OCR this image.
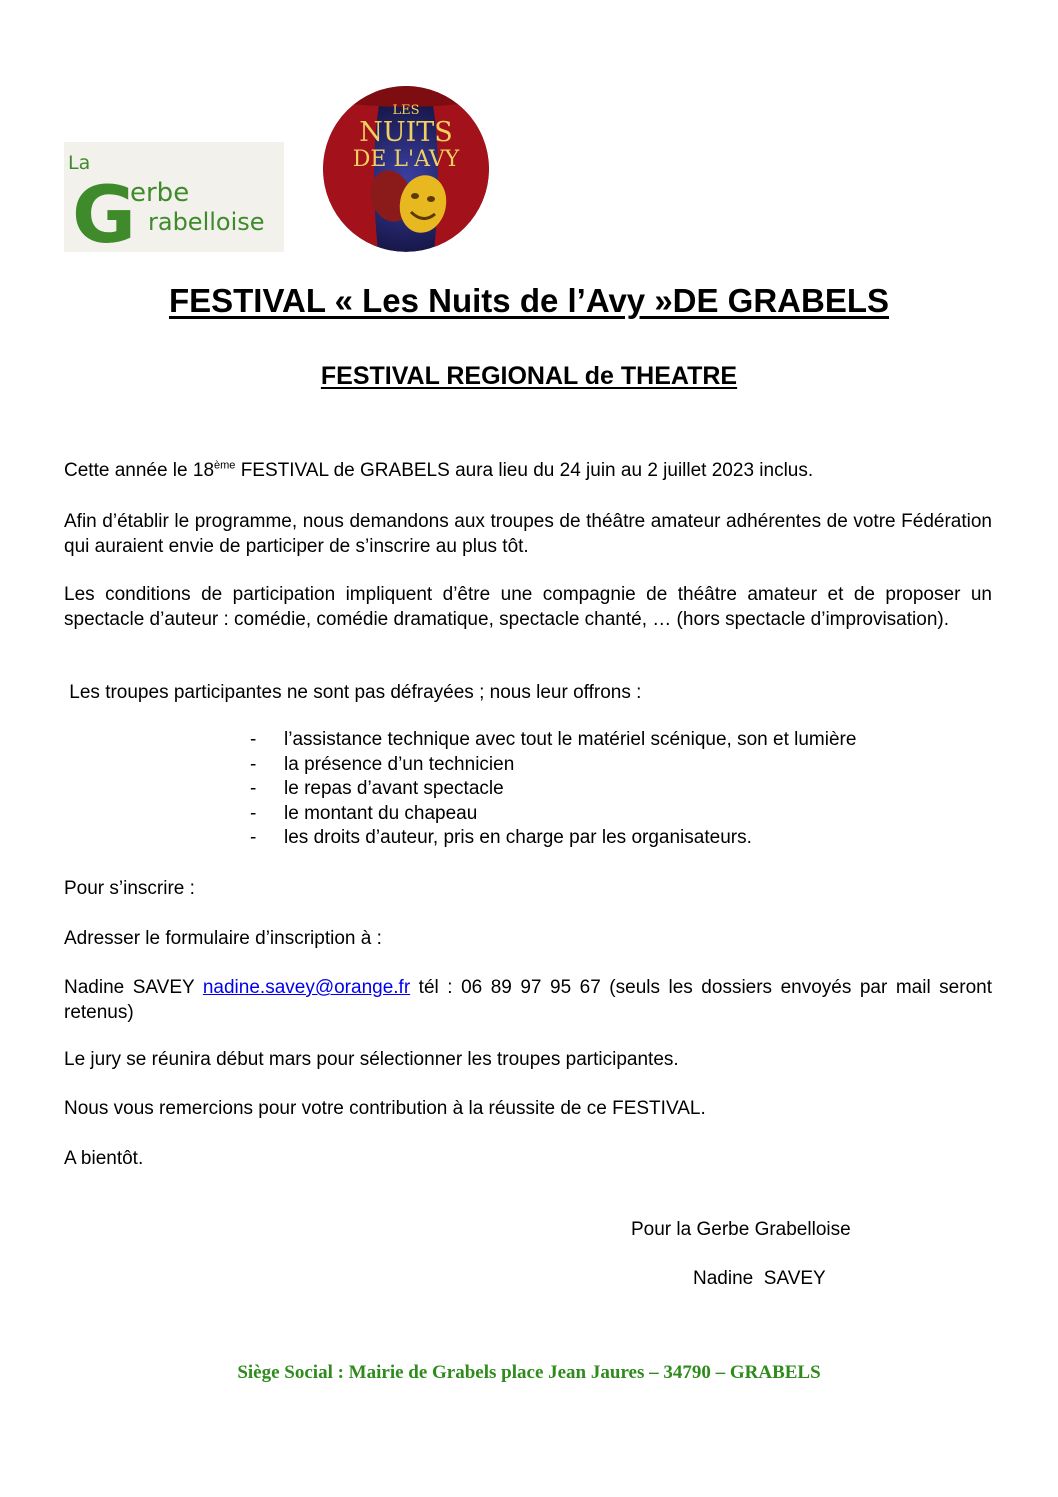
La
G
erbe
rabelloise
LES
NUITS
DE L'AVY
FESTIVAL « Les Nuits de l’Avy »DE GRABELS
FESTIVAL REGIONAL de THEATRE
Cette année le 18ème FESTIVAL de GRABELS aura lieu du 24 juin au 2 juillet 2023 inclus.
Afin d’établir le programme, nous demandons aux troupes de théâtre amateur adhérentes de votre Fédération qui auraient envie de participer de s’inscrire au plus tôt.
Les conditions de participation impliquent d’être une compagnie de théâtre amateur et de proposer un spectacle d’auteur : comédie, comédie dramatique, spectacle chanté, … (hors spectacle d’improvisation).
Les troupes participantes ne sont pas défrayées ; nous leur offrons :
- l’assistance technique avec tout le matériel scénique, son et lumière
- la présence d’un technicien
- le repas d’avant spectacle
- le montant du chapeau
- les droits d’auteur, pris en charge par les organisateurs.
Pour s’inscrire :
Adresser le formulaire d’inscription à :
Nadine SAVEY nadine.savey@orange.fr tél : 06 89 97 95 67 (seuls les dossiers envoyés par mail seront retenus)
Le jury se réunira début mars pour sélectionner les troupes participantes.
Nous vous remercions pour votre contribution à la réussite de ce FESTIVAL.
A bientôt.
Pour la Gerbe Grabelloise
Nadine  SAVEY
Siège Social : Mairie de Grabels place Jean Jaures – 34790 – GRABELS
